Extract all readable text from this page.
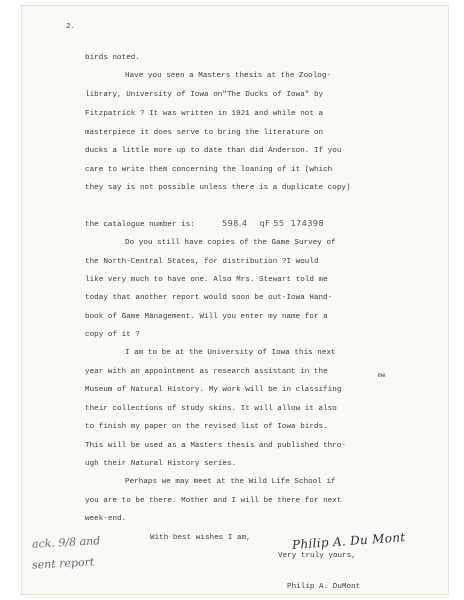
2.
birds noted.
Have you seen a Masters thesis at the Zoolog-
library, University of Iowa on"The Ducks of Iowa" by
Fitzpatrick ? It was written in 1921 and while not a
masterpiece it does serve to bring the literature on
ducks a little more up to date than did Anderson. If you
care to write them concerning the loaning of it (which
they say is not possible unless there is a duplicate copy)
the catalogue number is:	598.4    qF 55  174398
Do you still have copies of the Game Survey of
the North-Central States, for distribution ?I would
like very much to have one. Also Mrs. Stewart told me
today that another report would soon be out-Iowa Hand-
book of Game Management. Will you enter my name for a
copy of it ?
I am to be at the University of Iowa this next
year with an appointment as research assistant in the
Museum of Natural History. My work will be in classifing
me
their collections of study skins. It will allow it also
to finish my paper on the revised list of Iowa birds.
This will be used as a Masters thesis and published thro-
ugh their Natural History series.
Perhaps we may meet at the Wild Life School if
you are to be there. Mother and I will be there for next
week-end.
With best wishes I am,
Very truly yours,
Philip A. Du Mont
Philip A. DuMont
ack. 9/8 and
sent report
